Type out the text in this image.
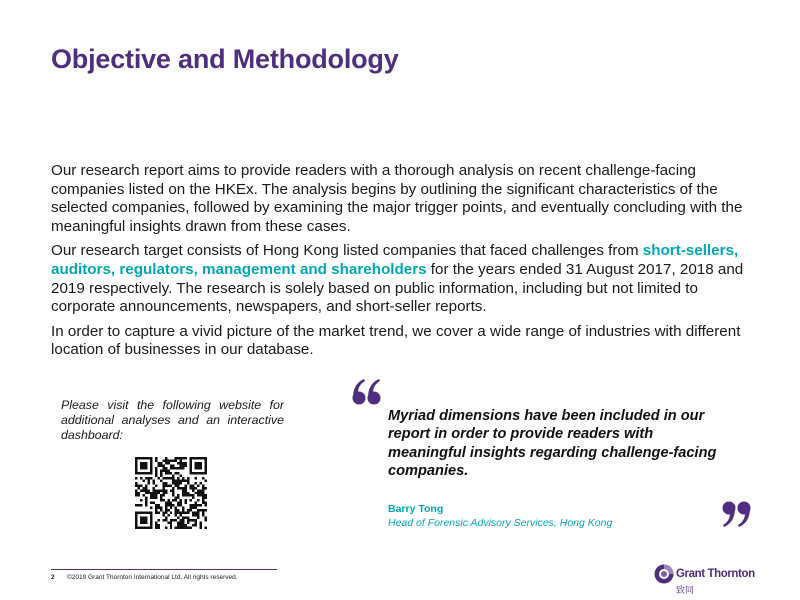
Objective and Methodology

Our research report aims to provide readers with a thorough analysis on recent challenge-facing companies listed on the HKEx. The analysis begins by outlining the significant characteristics of the selected companies, followed by examining the major trigger points, and eventually concluding with the meaningful insights drawn from these cases.

Our research target consists of Hong Kong listed companies that faced challenges from short-sellers, auditors, regulators, management and shareholders for the years ended 31 August 2017, 2018 and 2019 respectively. The research is solely based on public information, including but not limited to corporate announcements, newspapers, and short-seller reports.

In order to capture a vivid picture of the market trend, we cover a wide range of industries with different location of businesses in our database.

Please visit the following website for additional analyses and an interactive dashboard:
Myriad dimensions have been included in our report in order to provide readers with meaningful insights regarding challenge-facing companies.
Barry Tong
Head of Forensic Advisory Services, Hong Kong
2 ©2019 Grant Thornton International Ltd. All rights reserved.	Grant Thornton
致同
